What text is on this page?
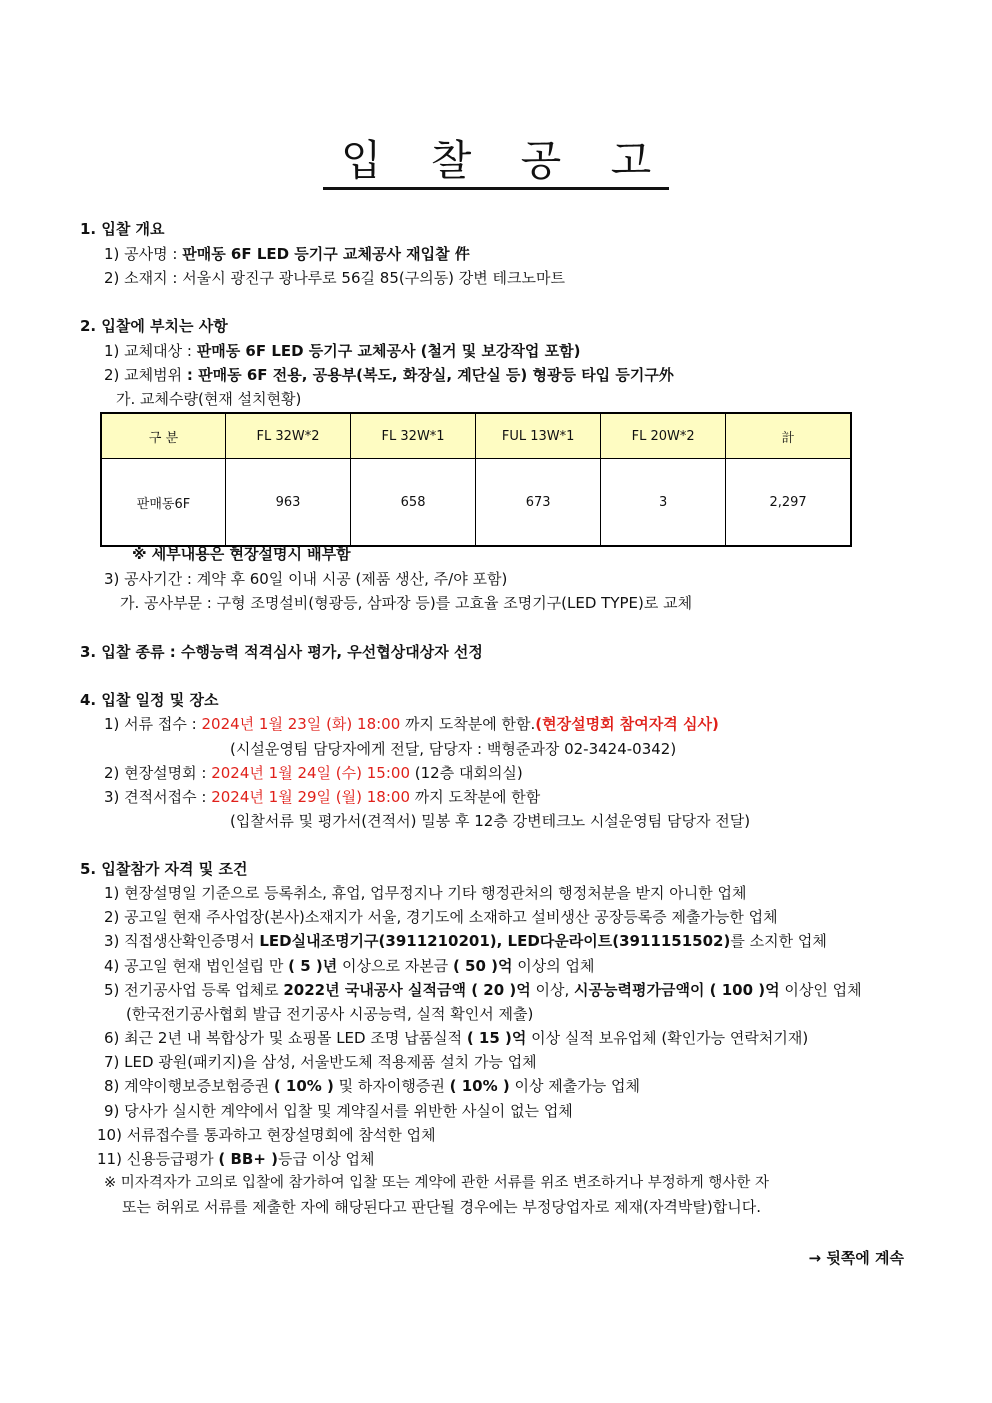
입 찰 공 고
1. 입찰 개요
1) 공사명 : 판매동 6F LED 등기구 교체공사 재입찰 件
2) 소재지 : 서울시 광진구 광나루로 56길 85(구의동) 강변 테크노마트
2. 입찰에 부치는 사항
1) 교체대상 : 판매동 6F LED 등기구 교체공사 (철거 및 보강작업 포함)
2) 교체범위 : 판매동 6F 전용, 공용부(복도, 화장실, 계단실 등) 형광등 타입 등기구外
가. 교체수량(현재 설치현황)
구 분	FL 32W*2	FL 32W*1	FUL 13W*1	FL 20W*2	計
판매동6F	963	658	673	3	2,297
※ 세부내용은 현장설명시 배부함
3) 공사기간 : 계약 후 60일 이내 시공 (제품 생산, 주/야 포함)
가. 공사부문 : 구형 조명설비(형광등, 삼파장 등)를 고효율 조명기구(LED TYPE)로 교체
3. 입찰 종류 : 수행능력 적격심사 평가, 우선협상대상자 선정
4. 입찰 일정 및 장소
1) 서류 접수 : 2024년 1월 23일 (화) 18:00 까지 도착분에 한함.(현장설명회 참여자격 심사)
(시설운영팀 담당자에게 전달, 담당자 : 백형준과장 02-3424-0342)
2) 현장설명회 : 2024년 1월 24일 (수) 15:00 (12층 대회의실)
3) 견적서접수 : 2024년 1월 29일 (월) 18:00 까지 도착분에 한함
(입찰서류 및 평가서(견적서) 밀봉 후 12층 강변테크노 시설운영팀 담당자 전달)
5. 입찰참가 자격 및 조건
1) 현장설명일 기준으로 등록취소, 휴업, 업무정지나 기타 행정관처의 행정처분을 받지 아니한 업체
2) 공고일 현재 주사업장(본사)소재지가 서울, 경기도에 소재하고 설비생산 공장등록증 제출가능한 업체
3) 직접생산확인증명서 LED실내조명기구(3911210201), LED다운라이트(3911151502)를 소지한 업체
4) 공고일 현재 법인설립 만 ( 5 )년 이상으로 자본금 ( 50 )억 이상의 업체
5) 전기공사업 등록 업체로 2022년 국내공사 실적금액 ( 20 )억 이상, 시공능력평가금액이 ( 100 )억 이상인 업체
(한국전기공사협회 발급 전기공사 시공능력, 실적 확인서 제출)
6) 최근 2년 내 복합상가 및 쇼핑몰 LED 조명 납품실적 ( 15 )억 이상 실적 보유업체 (확인가능 연락처기재)
7) LED 광원(패키지)을 삼성, 서울반도체 적용제품 설치 가능 업체
8) 계약이행보증보험증권 ( 10% ) 및 하자이행증권 ( 10% ) 이상 제출가능 업체
9) 당사가 실시한 계약에서 입찰 및 계약질서를 위반한 사실이 없는 업체
10) 서류접수를 통과하고 현장설명회에 참석한 업체
11) 신용등급평가 ( BB+ )등급 이상 업체
※ 미자격자가 고의로 입찰에 참가하여 입찰 또는 계약에 관한 서류를 위조 변조하거나 부정하게 행사한 자
또는 허위로 서류를 제출한 자에 해당된다고 판단될 경우에는 부정당업자로 제재(자격박탈)합니다.
→ 뒷쪽에 계속
